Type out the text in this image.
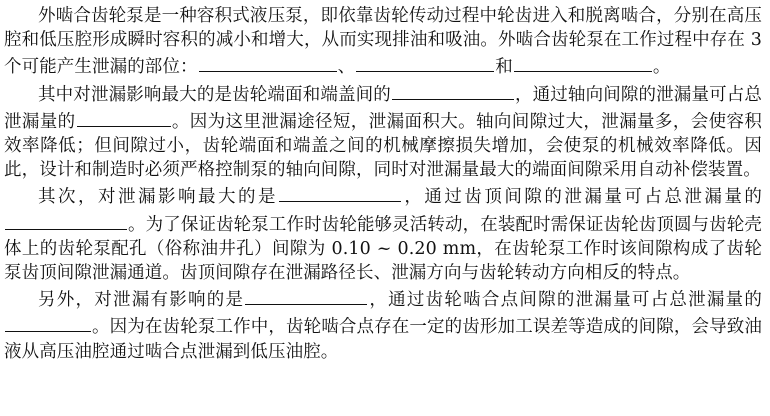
外啮合齿轮泵是一种容积式液压泵，即依靠齿轮传动过程中轮齿进入和脱离啮合，分别在高压腔和低压腔形成瞬时容积的减小和增大，从而实现排油和吸油。外啮合齿轮泵在工作过程中存在 3 个可能产生泄漏的部位：	、	和	。

其中对泄漏影响最大的是齿轮端面和端盖间的	，通过轴向间隙的泄漏量可占总泄漏量的	。因为这里泄漏途径短，泄漏面积大。轴向间隙过大，泄漏量多，会使容积效率降低；但间隙过小，齿轮端面和端盖之间的机械摩擦损失增加，会使泵的机械效率降低。因此，设计和制造时必须严格控制泵的轴向间隙，同时对泄漏量最大的端面间隙采用自动补偿装置。

其次，对泄漏影响最大的是	，通过齿顶间隙的泄漏量可占总泄漏量的。为了保证齿轮泵工作时齿轮能够灵活转动，在装配时需保证齿轮齿顶圆与齿轮壳体上的齿轮泵配孔（俗称油井孔）间隙为 0.10 ~ 0.20 mm，在齿轮泵工作时该间隙构成了齿轮泵齿顶间隙泄漏通道。齿顶间隙存在泄漏路径长、泄漏方向与齿轮转动方向相反的特点。

另外，对泄漏有影响的是	，通过齿轮啮合点间隙的泄漏量可占总泄漏量的。因为在齿轮泵工作中，齿轮啮合点存在一定的齿形加工误差等造成的间隙，会导致油液从高压油腔通过啮合点泄漏到低压油腔。
